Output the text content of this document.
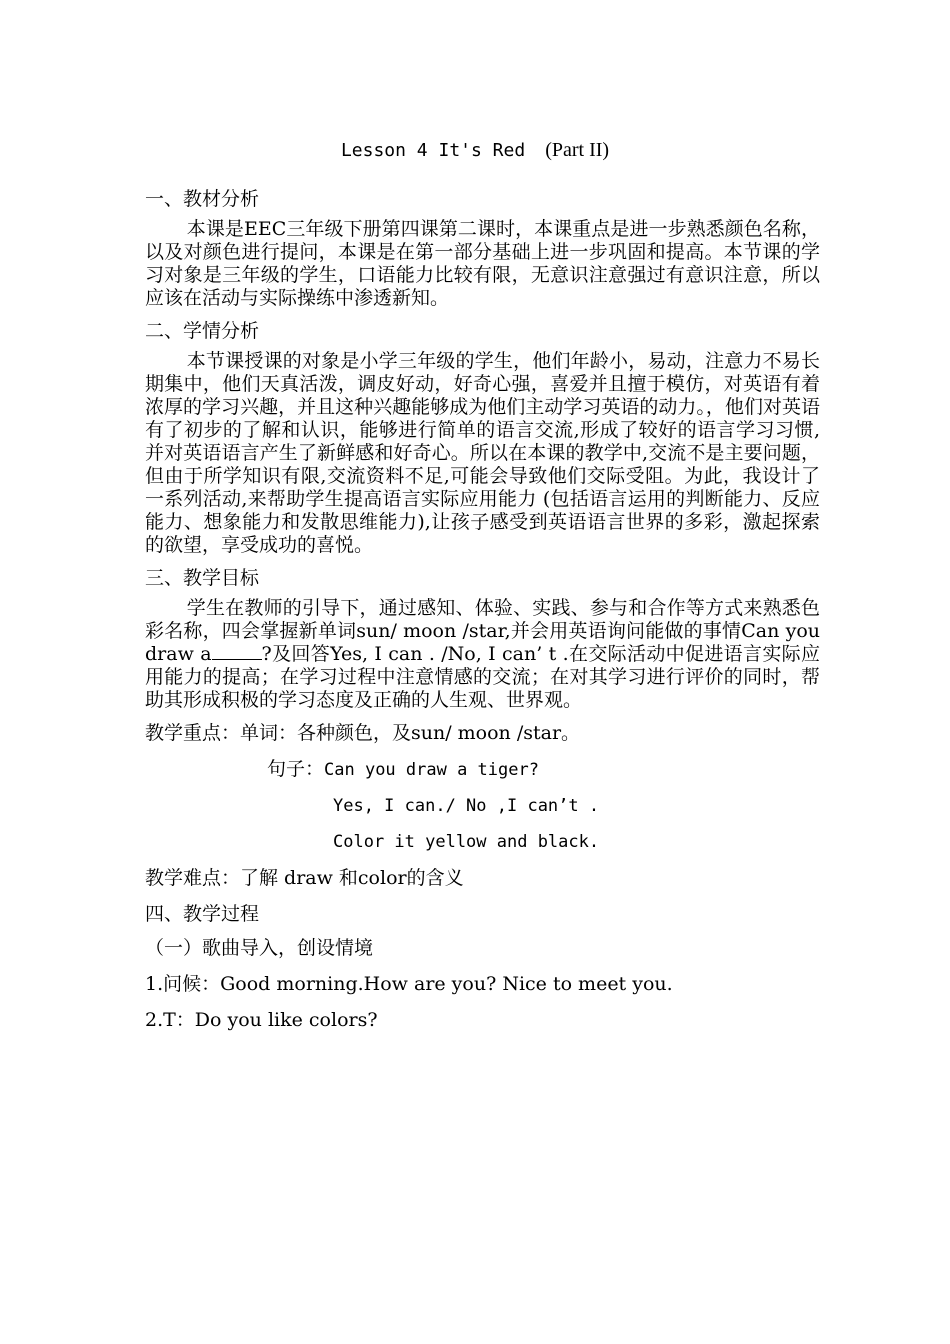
Lesson 4 It's Red (Part II)
一、教材分析

本课是EEC三年级下册第四课第二课时，本课重点是进一步熟悉颜色名称，以及对颜色进行提问，本课是在第一部分基础上进一步巩固和提高。本节课的学习对象是三年级的学生，口语能力比较有限，无意识注意强过有意识注意，所以应该在活动与实际操练中渗透新知。

二、学情分析

本节课授课的对象是小学三年级的学生，他们年龄小，易动，注意力不易长期集中，他们天真活泼，调皮好动，好奇心强，喜爱并且擅于模仿，对英语有着浓厚的学习兴趣，并且这种兴趣能够成为他们主动学习英语的动力。，他们对英语有了初步的了解和认识，能够进行简单的语言交流,形成了较好的语言学习习惯,并对英语语言产生了新鲜感和好奇心。所以在本课的教学中,交流不是主要问题，但由于所学知识有限,交流资料不足,可能会导致他们交际受阻。为此，我设计了一系列活动,来帮助学生提高语言实际应用能力 (包括语言运用的判断能力、反应能力、想象能力和发散思维能力),让孩子感受到英语语言世界的多彩，激起探索的欲望，享受成功的喜悦。

三、教学目标

学生在教师的引导下，通过感知、体验、实践、参与和合作等方式来熟悉色彩名称，四会掌握新单词sun/ moon /star,并会用英语询问能做的事情Can you draw a	?及回答Yes, I can . /No, I can’ t .在交际活动中促进语言实际应用能力的提高；在学习过程中注意情感的交流；在对其学习进行评价的同时，帮助其形成积极的学习态度及正确的人生观、世界观。

教学重点：单词：各种颜色，及sun/ moon /star。
句子：Can you draw a tiger?
Yes, I can./ No ,I can’t .
Color it yellow and black.
教学难点：了解 draw 和color的含义
四、教学过程
（一）歌曲导入，创设情境
1.问候：Good morning.How are you? Nice to meet you.
2.T：Do you like colors?
